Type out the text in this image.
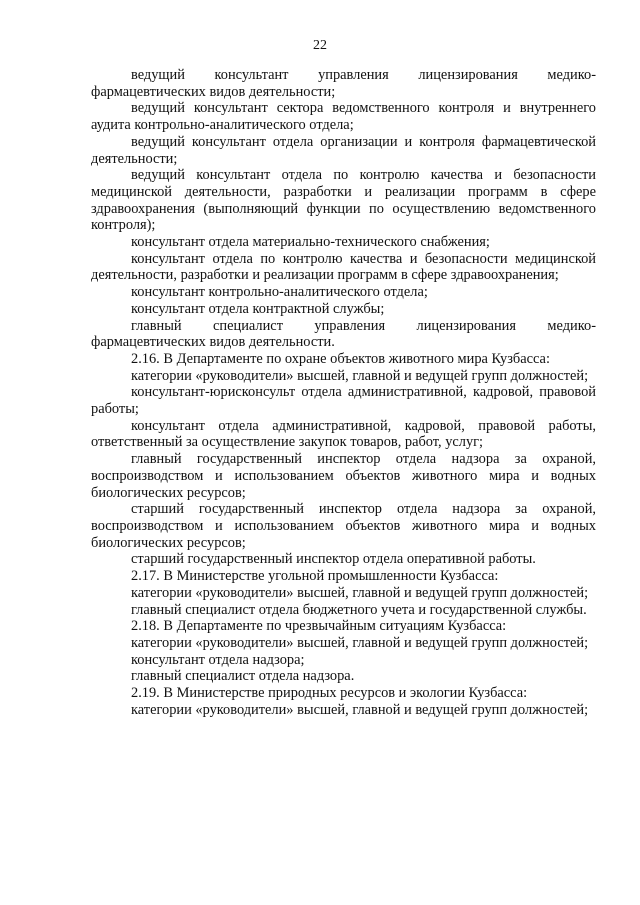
22

ведущий консультант управления лицензирования медико-фармацевтических видов деятельности;

ведущий консультант сектора ведомственного контроля и внутреннего аудита контрольно-аналитического отдела;

ведущий консультант отдела организации и контроля фармацевтической деятельности;

ведущий консультант отдела по контролю качества и безопасности медицинской деятельности, разработки и реализации программ в сфере здравоохранения (выполняющий функции по осуществлению ведомственного контроля);

консультант отдела материально-технического снабжения;

консультант отдела по контролю качества и безопасности медицинской деятельности, разработки и реализации программ в сфере здравоохранения;

консультант контрольно-аналитического отдела;

консультант отдела контрактной службы;

главный специалист управления лицензирования медико-фармацевтических видов деятельности.

2.16. В Департаменте по охране объектов животного мира Кузбасса:

категории «руководители» высшей, главной и ведущей групп должностей;

консультант-юрисконсульт отдела административной, кадровой, правовой работы;

консультант отдела административной, кадровой, правовой работы, ответственный за осуществление закупок товаров, работ, услуг;

главный государственный инспектор отдела надзора за охраной, воспроизводством и использованием объектов животного мира и водных биологических ресурсов;

старший государственный инспектор отдела надзора за охраной, воспроизводством и использованием объектов животного мира и водных биологических ресурсов;

старший государственный инспектор отдела оперативной работы.

2.17. В Министерстве угольной промышленности Кузбасса:

категории «руководители» высшей, главной и ведущей групп должностей;

главный специалист отдела бюджетного учета и государственной службы.

2.18. В Департаменте по чрезвычайным ситуациям Кузбасса:

категории «руководители» высшей, главной и ведущей групп должностей;

консультант отдела надзора;

главный специалист отдела надзора.

2.19. В Министерстве природных ресурсов и экологии Кузбасса:

категории «руководители» высшей, главной и ведущей групп должностей;
